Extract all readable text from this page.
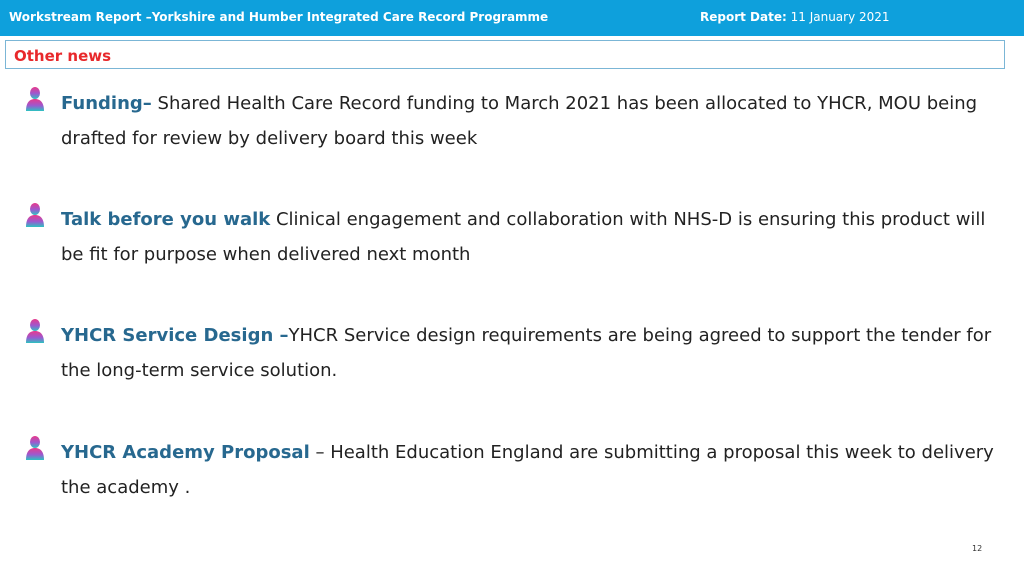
Workstream Report –Yorkshire and Humber Integrated Care Record Programme	Report Date: 11 January 2021
Other news
Funding– Shared Health Care Record funding to March 2021 has been allocated to YHCR, MOU being drafted for review by delivery board this week
Talk before you walk Clinical engagement and collaboration with NHS-D is ensuring this product will be fit for purpose when delivered next month
YHCR Service Design –YHCR Service design requirements are being agreed to support the tender for the long-term service solution.
YHCR Academy Proposal – Health Education England are submitting a proposal this week to delivery the academy .
12
